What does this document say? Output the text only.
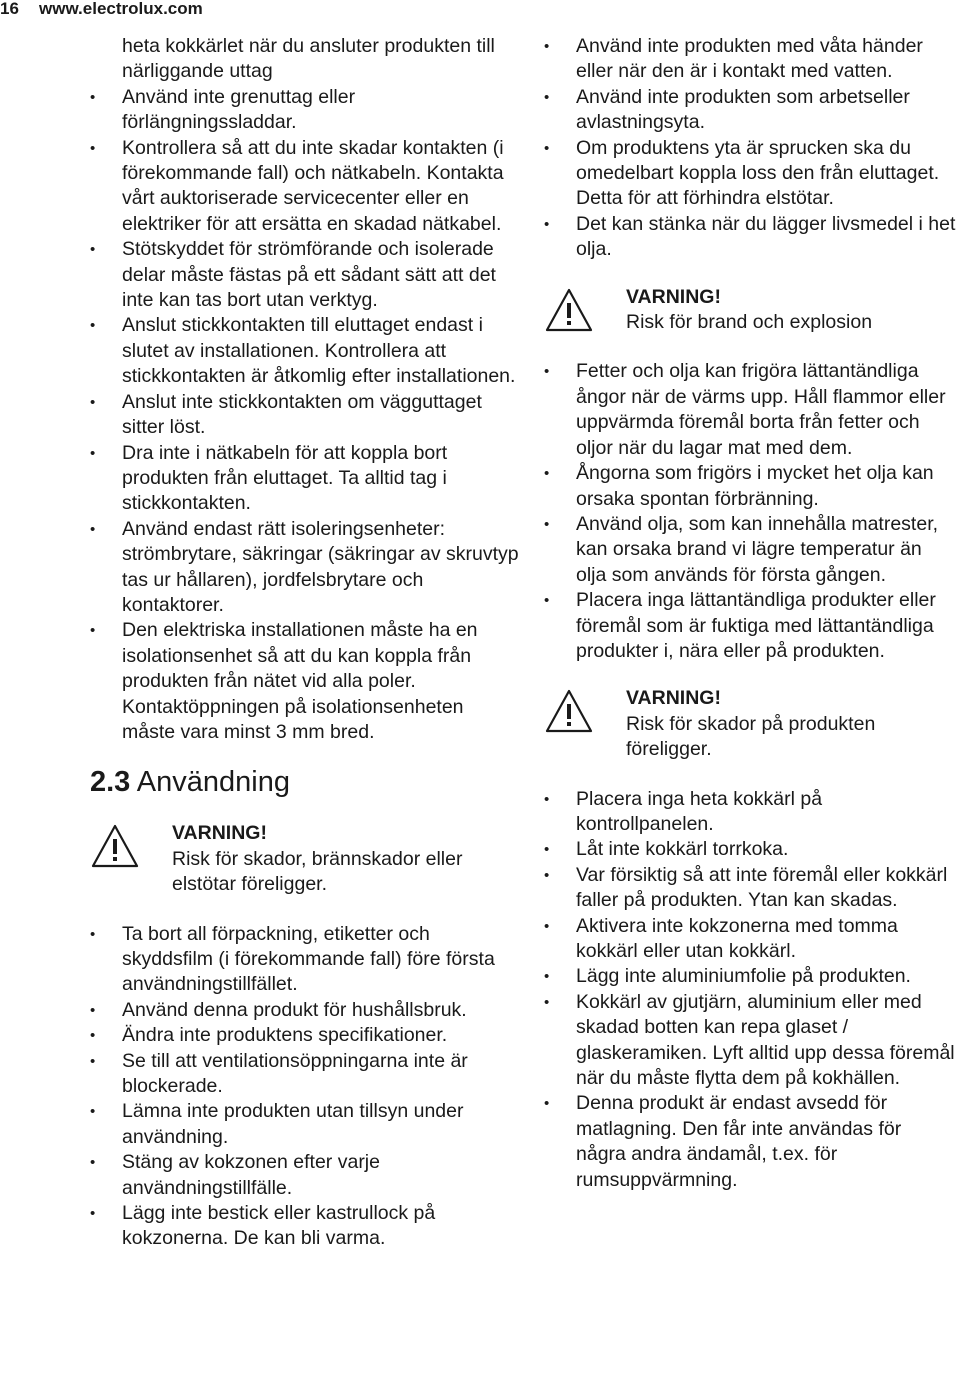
16 www.electrolux.com
heta kokkärlet när du ansluter produkten till närliggande uttag
• Använd inte grenuttag eller förlängningssladdar.
• Kontrollera så att du inte skadar kontakten (i förekommande fall) och nätkabeln. Kontakta vårt auktoriserade servicecenter eller en elektriker för att ersätta en skadad nätkabel.
• Stötskyddet för strömförande och isolerade delar måste fästas på ett sådant sätt att det inte kan tas bort utan verktyg.
• Anslut stickkontakten till eluttaget endast i slutet av installationen. Kontrollera att stickkontakten är åtkomlig efter installationen.
• Anslut inte stickkontakten om vägguttaget sitter löst.
• Dra inte i nätkabeln för att koppla bort produkten från eluttaget. Ta alltid tag i stickkontakten.
• Använd endast rätt isoleringsenheter: strömbrytare, säkringar (säkringar av skruvtyp tas ur hållaren), jordfelsbrytare och kontaktorer.
• Den elektriska installationen måste ha en isolationsenhet så att du kan koppla från produkten från nätet vid alla poler. Kontaktöppningen på isolationsenheten måste vara minst 3 mm bred.
2.3 Användning
VARNING!
Risk för skador, brännskador eller elstötar föreligger.
• Ta bort all förpackning, etiketter och skyddsfilm (i förekommande fall) före första användningstillfället.
• Använd denna produkt för hushållsbruk.
• Ändra inte produktens specifikationer.
• Se till att ventilationsöppningarna inte är blockerade.
• Lämna inte produkten utan tillsyn under användning.
• Stäng av kokzonen efter varje användningstillfälle.
• Lägg inte bestick eller kastrullock på kokzonerna. De kan bli varma.
• Använd inte produkten med våta händer eller när den är i kontakt med vatten.
• Använd inte produkten som arbetseller avlastningsyta.
• Om produktens yta är sprucken ska du omedelbart koppla loss den från eluttaget. Detta för att förhindra elstötar.
• Det kan stänka när du lägger livsmedel i het olja.
VARNING!
Risk för brand och explosion
• Fetter och olja kan frigöra lättantändliga ångor när de värms upp. Håll flammor eller uppvärmda föremål borta från fetter och oljor när du lagar mat med dem.
• Ångorna som frigörs i mycket het olja kan orsaka spontan förbränning.
• Använd olja, som kan innehålla matrester, kan orsaka brand vi lägre temperatur än olja som används för första gången.
• Placera inga lättantändliga produkter eller föremål som är fuktiga med lättantändliga produkter i, nära eller på produkten.
VARNING!
Risk för skador på produkten föreligger.
• Placera inga heta kokkärl på kontrollpanelen.
• Låt inte kokkärl torrkoka.
• Var försiktig så att inte föremål eller kokkärl faller på produkten. Ytan kan skadas.
• Aktivera inte kokzonerna med tomma kokkärl eller utan kokkärl.
• Lägg inte aluminiumfolie på produkten.
• Kokkärl av gjutjärn, aluminium eller med skadad botten kan repa glaset / glaskeramiken. Lyft alltid upp dessa föremål när du måste flytta dem på kokhällen.
• Denna produkt är endast avsedd för matlagning. Den får inte användas för några andra ändamål, t.ex. för rumsuppvärmning.
